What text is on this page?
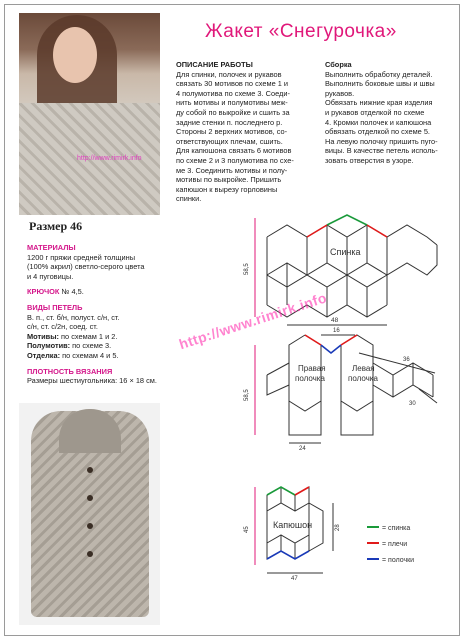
http://www.rimirk.info
Жакет «Снегурочка»
ОПИСАНИЕ РАБОТЫ
Для спинки, полочек и рукавов
связать 30 мотивов по схеме 1 и
4 полумотива по схеме 3. Соеди-
нить мотивы и полумотивы меж-
ду собой по выкройке и сшить за
задние стенки п. последнего р.
Стороны 2 верхних мотивов, со-
ответствующих плечам, сшить.
Для капюшона связать 6 мотивов
по схеме 2 и 3 полумотива по схе-
ме 3. Соединить мотивы и полу-
мотивы по выкройке. Пришить
капюшон к вырезу горловины
спинки.
Сборка
Выполнить обработку деталей.
Выполнить боковые швы и швы
рукавов.
Обвязать нижние края изделия
и рукавов отделкой по схеме
4. Кромки полочек и капюшона
обвязать отделкой по схеме 5.
На левую полочку пришить пуго-
вицы. В качестве петель исполь-
зовать отверстия в узоре.
Размер 46
МАТЕРИАЛЫ
1200 г пряжи средней толщины
(100% акрил) светло-серого цвета
и 4 пуговицы.
КРЮЧОК № 4,5.
ВИДЫ ПЕТЕЛЬ
В. п., ст. б/н, полуст. с/н, ст.
с/н, ст. с/2н, соед. ст.
Мотивы: по схемам 1 и 2.
Полумотив: по схеме 3.
Отделка: по схемам 4 и 5.
ПЛОТНОСТЬ ВЯЗАНИЯ
Размеры шестиугольника: 16 × 18 см.
Спинка
58,5
48
Правая
полочка
Левая
полочка
58,5
16
36
30
24
Капюшон
45	28
47
= спинка
= плечи
= полочки
http://www.rimirk.info
